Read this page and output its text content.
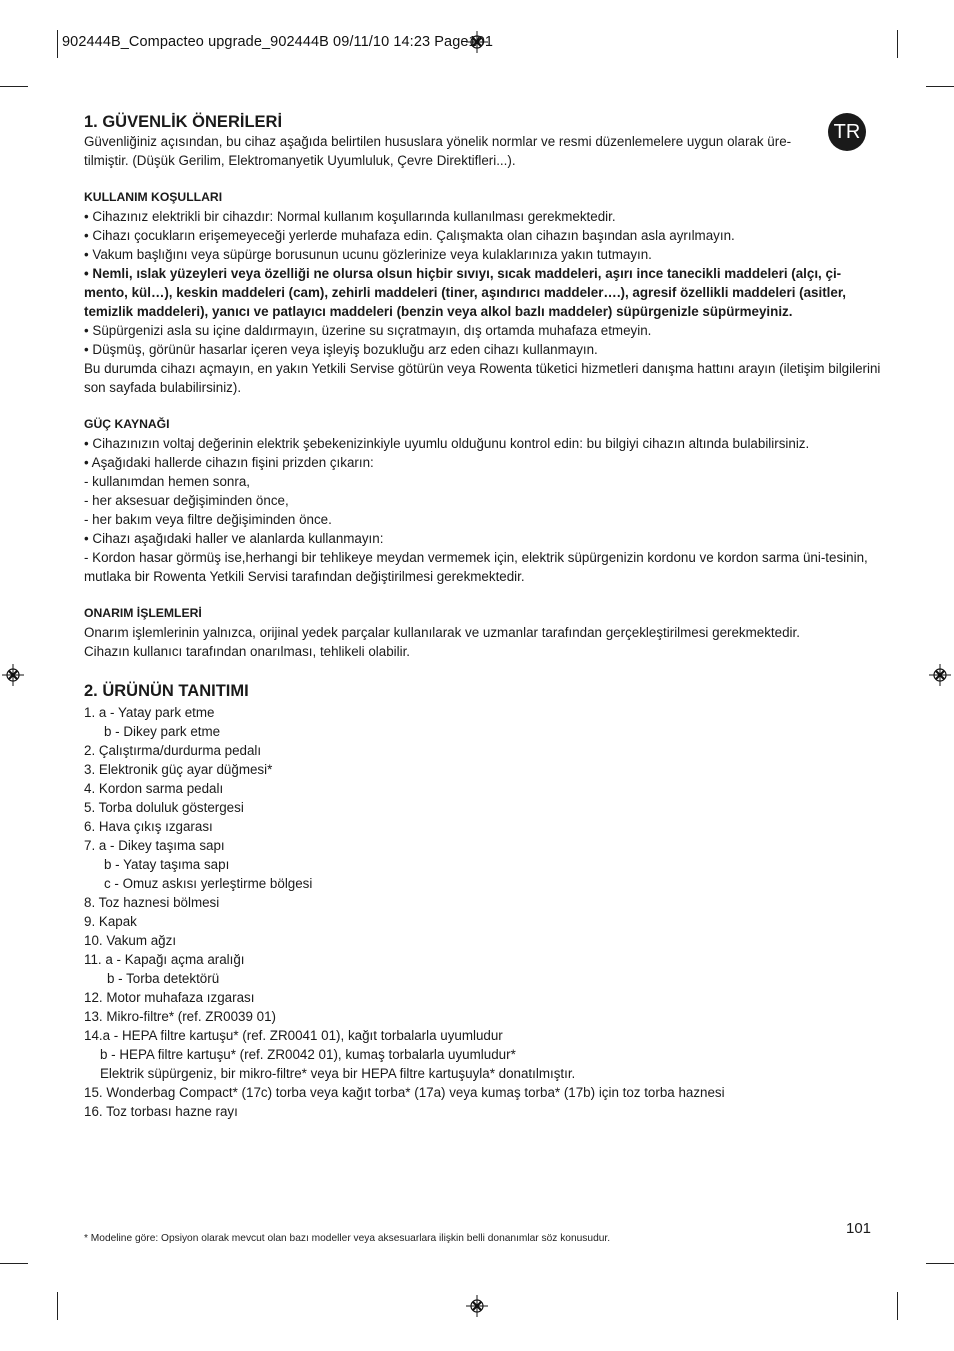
902444B_Compacteo upgrade_902444B 09/11/10 14:23 Page101
TR
1. GÜVENLİK ÖNERİLERİ

Güvenliğiniz açısından, bu cihaz aşağıda belirtilen hususlara yönelik normlar ve resmi düzenlemelere uygun olarak üre-tilmiştir. (Düşük Gerilim, Elektromanyetik Uyumluluk, Çevre Direktifleri...).

KULLANIM KOŞULLARI

• Cihazınız elektrikli bir cihazdır: Normal kullanım koşullarında kullanılması gerekmektedir.

• Cihazı çocukların erişemeyeceği yerlerde muhafaza edin. Çalışmakta olan cihazın başından asla ayrılmayın.

• Vakum başlığını veya süpürge borusunun ucunu gözlerinize veya kulaklarınıza yakın tutmayın.

• Nemli, ıslak yüzeyleri veya özelliği ne olursa olsun hiçbir sıvıyı, sıcak maddeleri, aşırı ince tanecikli maddeleri (alçı, çi-mento, kül…), keskin maddeleri (cam), zehirli maddeleri (tiner, aşındırıcı maddeler….), agresif özellikli maddeleri (asitler, temizlik maddeleri), yanıcı ve patlayıcı maddeleri (benzin veya alkol bazlı maddeler) süpürgenizle süpürmeyiniz.

• Süpürgenizi asla su içine daldırmayın, üzerine su sıçratmayın, dış ortamda muhafaza etmeyin.

• Düşmüş, görünür hasarlar içeren veya işleyiş bozukluğu arz eden cihazı kullanmayın.

Bu durumda cihazı açmayın, en yakın Yetkili Servise götürün veya Rowenta tüketici hizmetleri danışma hattını arayın (iletişim bilgilerini son sayfada bulabilirsiniz).

GÜÇ KAYNAĞI

• Cihazınızın voltaj değerinin elektrik şebekenizinkiyle uyumlu olduğunu kontrol edin: bu bilgiyi cihazın altında bulabilirsiniz.

• Aşağıdaki hallerde cihazın fişini prizden çıkarın:

- kullanımdan hemen sonra,

- her aksesuar değişiminden önce,

- her bakım veya filtre değişiminden önce.

• Cihazı aşağıdaki haller ve alanlarda kullanmayın:

- Kordon hasar görmüş ise,herhangi bir tehlikeye meydan vermemek için, elektrik süpürgenizin kordonu ve kordon sarma üni-tesinin, mutlaka bir Rowenta Yetkili Servisi tarafından değiştirilmesi gerekmektedir.

ONARIM İŞLEMLERİ

Onarım işlemlerinin yalnızca, orijinal yedek parçalar kullanılarak ve uzmanlar tarafından gerçekleştirilmesi gerekmektedir.

Cihazın kullanıcı tarafından onarılması, tehlikeli olabilir.

2. ÜRÜNÜN TANITIMI
1. a - Yatay park etme
b - Dikey park etme
2. Çalıştırma/durdurma pedalı
3. Elektronik güç ayar düğmesi*
4. Kordon sarma pedalı
5. Torba doluluk göstergesi
6. Hava çıkış ızgarası
7. a - Dikey taşıma sapı
b - Yatay taşıma sapı
c - Omuz askısı yerleştirme bölgesi
8. Toz haznesi bölmesi
9. Kapak
10. Vakum ağzı
11. a - Kapağı açma aralığı
b - Torba detektörü
12. Motor muhafaza ızgarası
13. Mikro-filtre* (ref. ZR0039 01)
14.a - HEPA filtre kartuşu* (ref. ZR0041 01), kağıt torbalarla uyumludur
b - HEPA filtre kartuşu* (ref. ZR0042 01), kumaş torbalarla uyumludur*
Elektrik süpürgeniz, bir mikro-filtre* veya bir HEPA filtre kartuşuyla* donatılmıştır.
15. Wonderbag Compact* (17c) torba veya kağıt torba* (17a) veya kumaş torba* (17b) için toz torba haznesi
16. Toz torbası hazne rayı
101
* Modeline göre: Opsiyon olarak mevcut olan bazı modeller veya aksesuarlara ilişkin belli donanımlar söz konusudur.
